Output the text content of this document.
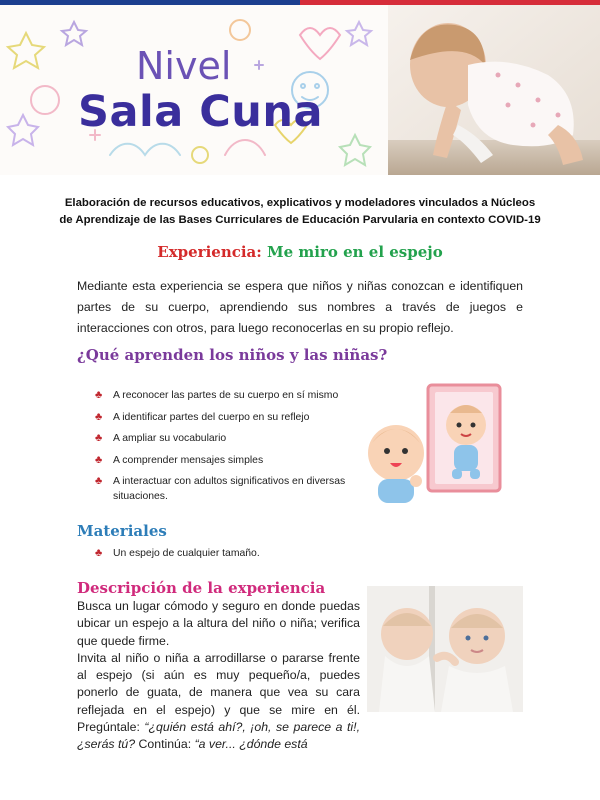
Nivel
Sala Cuna
Elaboración de recursos educativos, explicativos y modeladores vinculados a Núcleos de Aprendizaje de las Bases Curriculares de Educación Parvularia en contexto COVID-19
Experiencia: Me miro en el espejo
Mediante esta experiencia se espera que niños y niñas conozcan e identifiquen partes de su cuerpo, aprendiendo sus nombres a través de juegos e interacciones con otros, para luego reconocerlas en su propio reflejo.
¿Qué aprenden los niños y las niñas?
♣ A reconocer las partes de su cuerpo en sí mismo
♣ A identificar partes del cuerpo en su reflejo
♣ A ampliar su vocabulario
♣ A comprender mensajes simples
♣ A interactuar con adultos significativos en diversas situaciones.
Materiales
♣ Un espejo de cualquier tamaño.
Descripción de la experiencia

Busca un lugar cómodo y seguro en donde puedas ubicar un espejo a la altura del niño o niña; verifica que quede firme.

Invita al niño o niña a arrodillarse o pararse frente al espejo (si aún es muy pequeño/a, puedes ponerlo de guata, de manera que vea su cara reflejada en el espejo) y que se mire en él. Pregúntale: “¿quién está ahí?, ¡oh, se parece a ti!, ¿serás tú? Continúa: “a ver... ¿dónde está
